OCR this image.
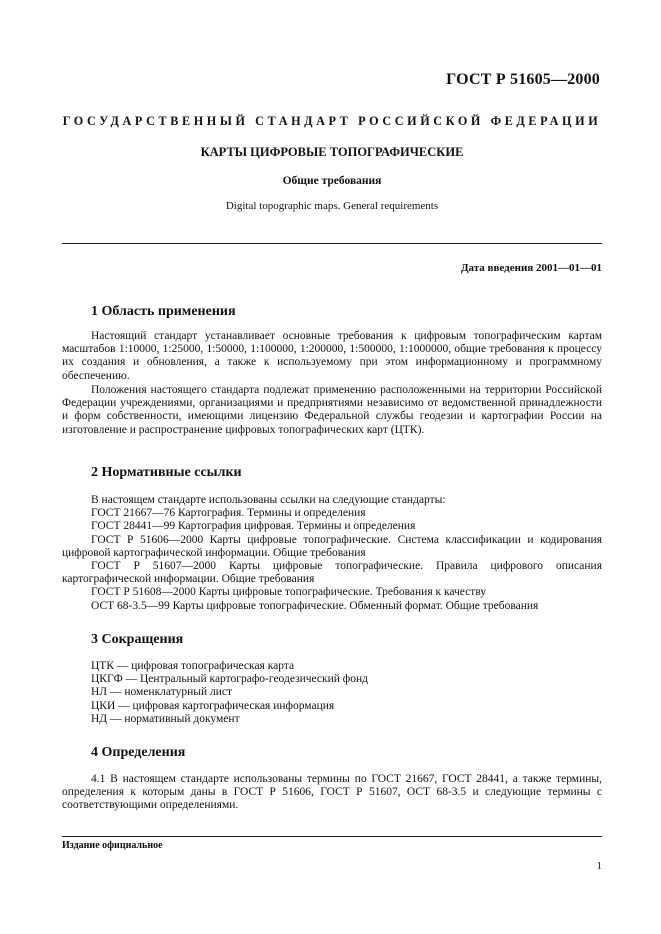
ГОСТ Р 51605—2000
ГОСУДАРСТВЕННЫЙ СТАНДАРТ РОССИЙСКОЙ ФЕДЕРАЦИИ
КАРТЫ ЦИФРОВЫЕ ТОПОГРАФИЧЕСКИЕ
Общие требования
Digital topographic maps. General requirements
Дата введения 2001—01—01
1 Область применения
Настоящий стандарт устанавливает основные требования к цифровым топографическим картам масштабов 1:10000, 1:25000, 1:50000, 1:100000, 1:200000, 1:500000, 1:1000000, общие требования к процессу их создания и обновления, а также к используемому при этом информационному и программному обеспечению.
Положения настоящего стандарта подлежат применению расположенными на территории Российской Федерации учреждениями, организациями и предприятиями независимо от ведомственной принадлежности и форм собственности, имеющими лицензию Федеральной службы геодезии и картографии России на изготовление и распространение цифровых топографических карт (ЦТК).
2 Нормативные ссылки
В настоящем стандарте использованы ссылки на следующие стандарты:
ГОСТ 21667—76 Картография. Термины и определения
ГОСТ 28441—99 Картография цифровая. Термины и определения
ГОСТ Р 51606—2000 Карты цифровые топографические. Система классификации и кодирования цифровой картографической информации. Общие требования
ГОСТ Р 51607—2000 Карты цифровые топографические. Правила цифрового описания картографической информации. Общие требования
ГОСТ Р 51608—2000 Карты цифровые топографические. Требования к качеству
ОСТ 68-3.5—99 Карты цифровые топографические. Обменный формат. Общие требования
3 Сокращения
ЦТК — цифровая топографическая карта
ЦКГФ — Центральный картографо-геодезический фонд
НЛ — номенклатурный лист
ЦКИ — цифровая картографическая информация
НД — нормативный документ
4 Определения
4.1 В настоящем стандарте использованы термины по ГОСТ 21667, ГОСТ 28441, а также термины, определения к которым даны в ГОСТ Р 51606, ГОСТ Р 51607, ОСТ 68-3.5 и следующие термины с соответствующими определениями.
Издание официальное
1
